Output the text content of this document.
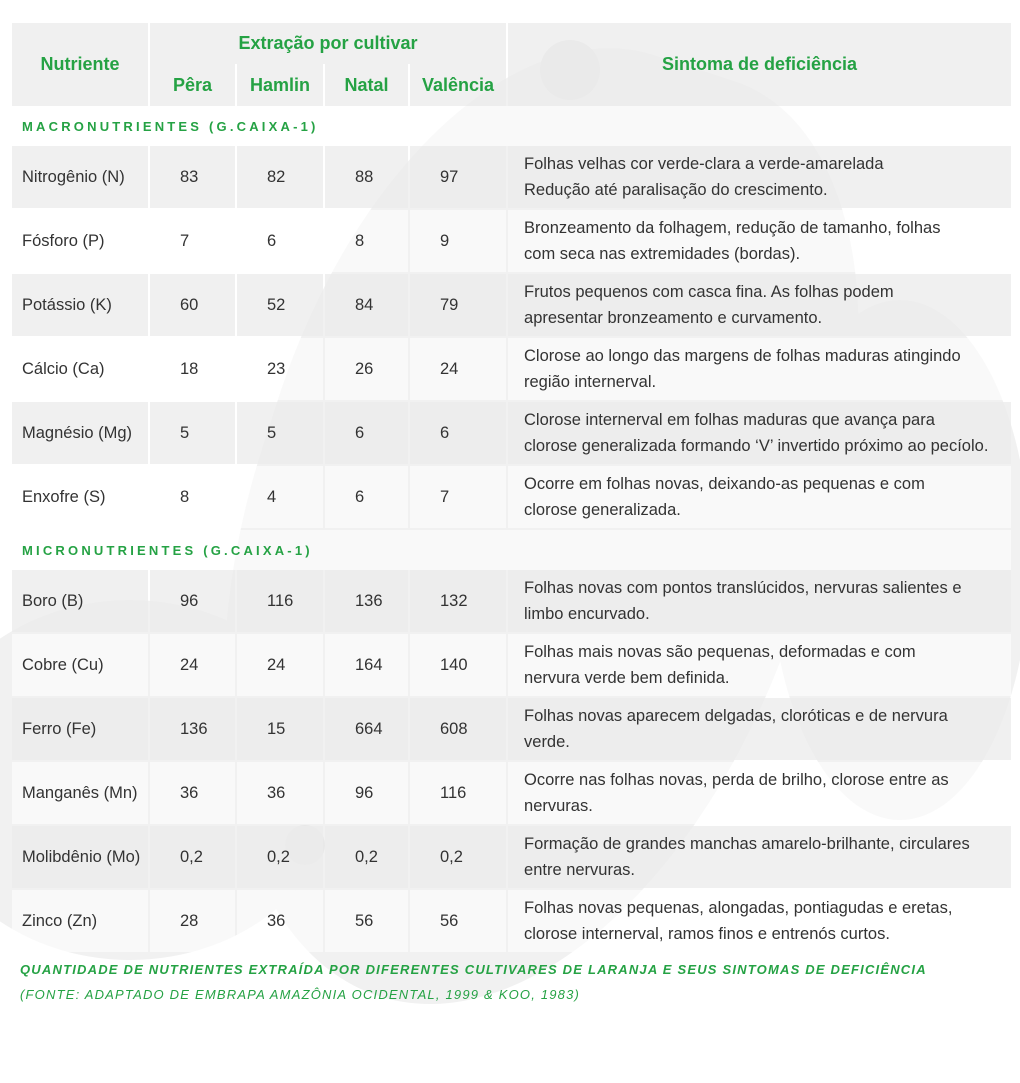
Nutriente	Extração por cultivar				Sintoma de deficiência
	Pêra	Hamlin	Natal	Valência	
MACRONUTRIENTES (G.CAIXA-1)					
Nitrogênio (N)	83	82	88	97	Folhas velhas cor verde-clara a verde-amarelada
Redução até paralisação do crescimento.

Fósforo (P)	7	6	8	9	Bronzeamento da folhagem, redução de tamanho, folhas
com seca nas extremidades (bordas).

Potássio (K)	60	52	84	79	Frutos pequenos com casca fina. As folhas podem
apresentar bronzeamento e curvamento.

Cálcio (Ca)	18	23	26	24	Clorose ao longo das margens de folhas maduras atingindo
região internerval.

Magnésio (Mg)	5	5	6	6	Clorose internerval em folhas maduras que avança para
clorose generalizada formando ‘V’ invertido próximo ao pecíolo.

Enxofre (S)	8	4	6	7	Ocorre em folhas novas, deixando-as pequenas e com
clorose generalizada.

MICRONUTRIENTES (G.CAIXA-1)					
Boro (B)	96	116	136	132	Folhas novas com pontos translúcidos, nervuras salientes e
limbo encurvado.

Cobre (Cu)	24	24	164	140	Folhas mais novas são pequenas, deformadas e com
nervura verde bem definida.

Ferro (Fe)	136	15	664	608	Folhas novas aparecem delgadas, cloróticas e de nervura
verde.

Manganês (Mn)	36	36	96	116	Ocorre nas folhas novas, perda de brilho, clorose entre as
nervuras.

Molibdênio (Mo)	0,2	0,2	0,2	0,2	Formação de grandes manchas amarelo-brilhante, circulares
entre nervuras.

Zinco (Zn)	28	36	56	56	Folhas novas pequenas, alongadas, pontiagudas e eretas,
clorose internerval, ramos finos e entrenós curtos.

QUANTIDADE DE NUTRIENTES EXTRAÍDA POR DIFERENTES CULTIVARES DE LARANJA E SEUS SINTOMAS DE DEFICIÊNCIA
(FONTE: ADAPTADO DE EMBRAPA AMAZÔNIA OCIDENTAL, 1999 & KOO, 1983)
